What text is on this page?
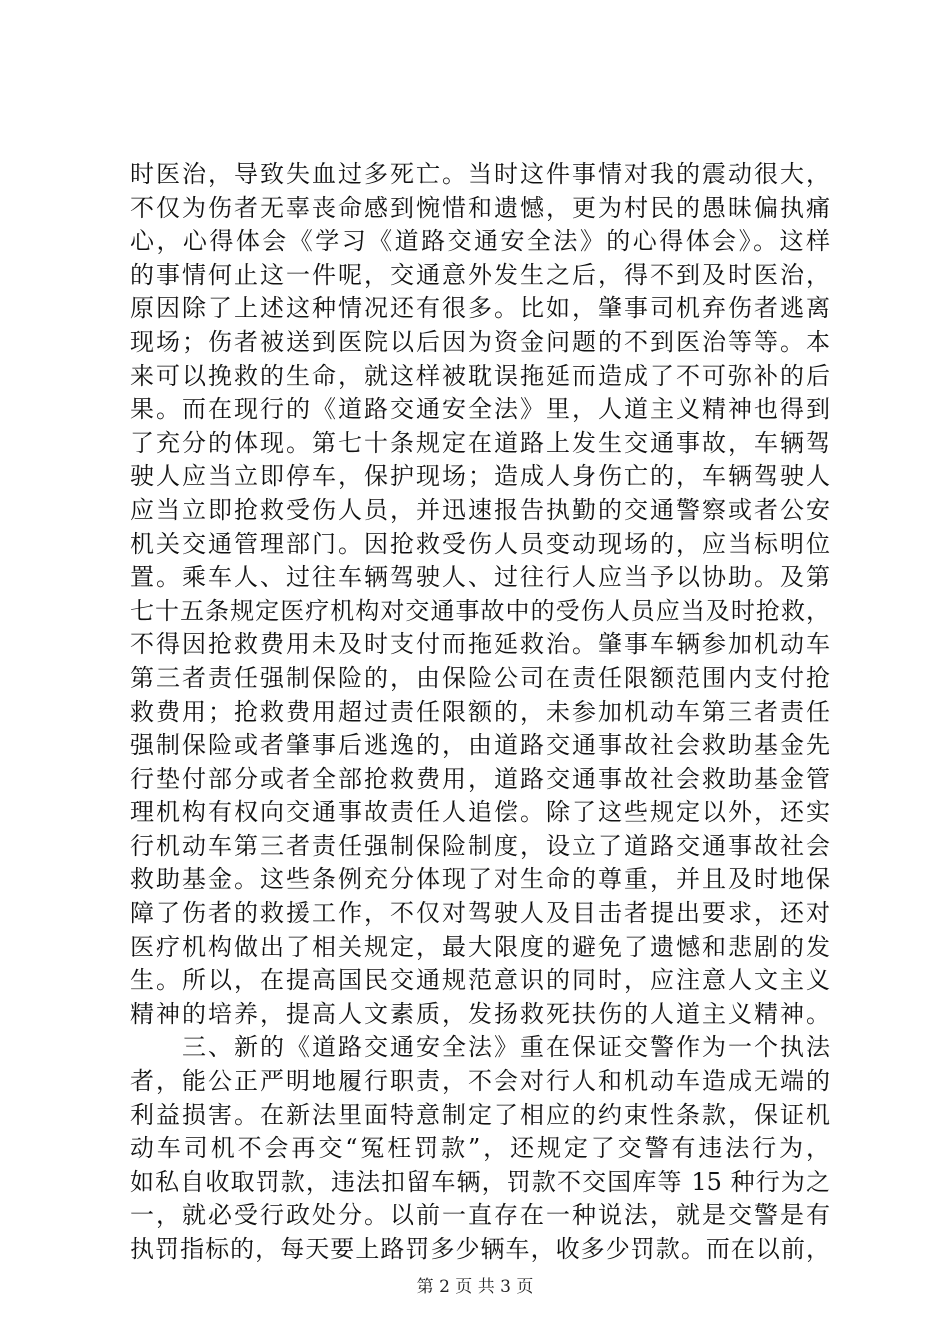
时医治，导致失血过多死亡。当时这件事情对我的震动很大，
不仅为伤者无辜丧命感到惋惜和遗憾，更为村民的愚昧偏执痛
心，心得体会《学习《道路交通安全法》的心得体会》。这样
的事情何止这一件呢，交通意外发生之后，得不到及时医治，
原因除了上述这种情况还有很多。比如，肇事司机弃伤者逃离
现场；伤者被送到医院以后因为资金问题的不到医治等等。本
来可以挽救的生命，就这样被耽误拖延而造成了不可弥补的后
果。而在现行的《道路交通安全法》里，人道主义精神也得到
了充分的体现。第七十条规定在道路上发生交通事故，车辆驾
驶人应当立即停车，保护现场；造成人身伤亡的，车辆驾驶人
应当立即抢救受伤人员，并迅速报告执勤的交通警察或者公安
机关交通管理部门。因抢救受伤人员变动现场的，应当标明位
置。乘车人、过往车辆驾驶人、过往行人应当予以协助。及第
七十五条规定医疗机构对交通事故中的受伤人员应当及时抢救，
不得因抢救费用未及时支付而拖延救治。肇事车辆参加机动车
第三者责任强制保险的，由保险公司在责任限额范围内支付抢
救费用；抢救费用超过责任限额的，未参加机动车第三者责任
强制保险或者肇事后逃逸的，由道路交通事故社会救助基金先
行垫付部分或者全部抢救费用，道路交通事故社会救助基金管
理机构有权向交通事故责任人追偿。除了这些规定以外，还实
行机动车第三者责任强制保险制度，设立了道路交通事故社会
救助基金。这些条例充分体现了对生命的尊重，并且及时地保
障了伤者的救援工作，不仅对驾驶人及目击者提出要求，还对
医疗机构做出了相关规定，最大限度的避免了遗憾和悲剧的发
生。所以，在提高国民交通规范意识的同时，应注意人文主义
精神的培养，提高人文素质，发扬救死扶伤的人道主义精神。
　　三、新的《道路交通安全法》重在保证交警作为一个执法
者，能公正严明地履行职责，不会对行人和机动车造成无端的
利益损害。在新法里面特意制定了相应的约束性条款，保证机
动车司机不会再交“冤枉罚款”，还规定了交警有违法行为，
如私自收取罚款，违法扣留车辆，罚款不交国库等 15 种行为之
一，就必受行政处分。以前一直存在一种说法，就是交警是有
执罚指标的，每天要上路罚多少辆车，收多少罚款。而在以前，
第 2 页 共 3 页
